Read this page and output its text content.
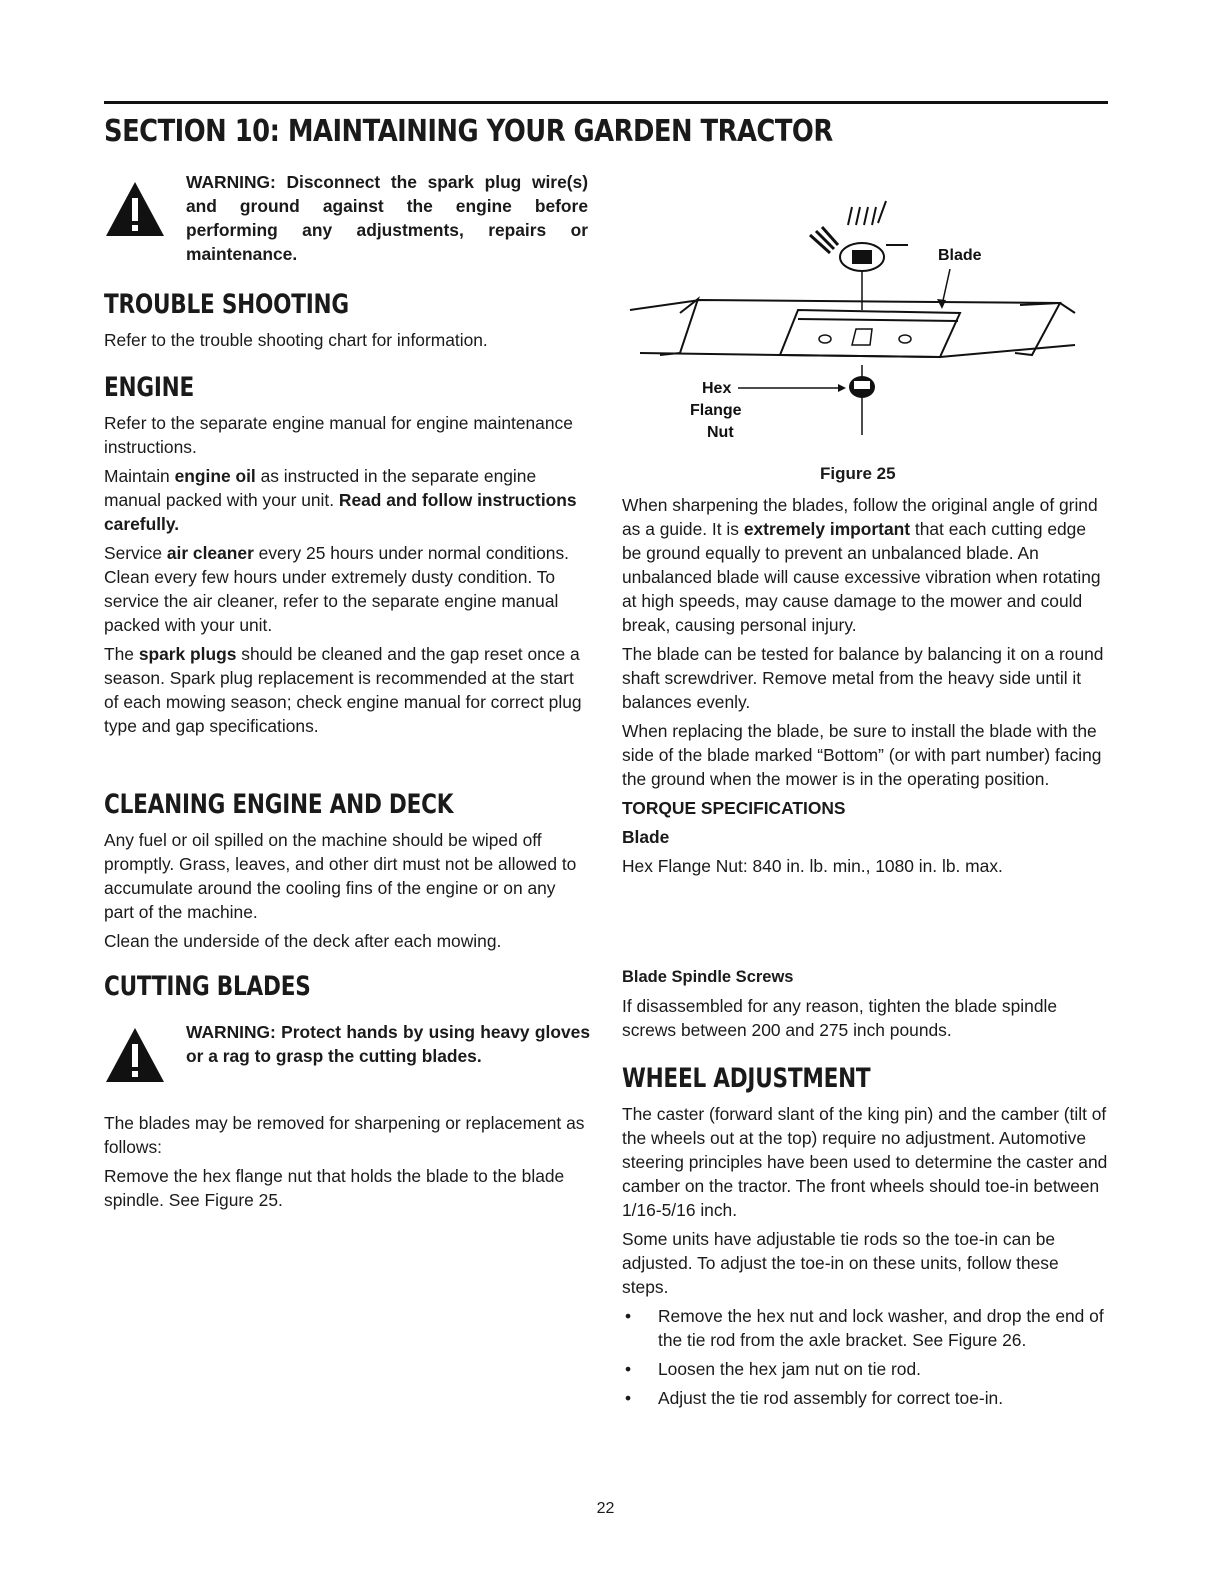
SECTION 10: MAINTAINING YOUR GARDEN TRACTOR

WARNING: Disconnect the spark plug wire(s) and ground against the engine before performing any adjustments, repairs or maintenance.

TROUBLE SHOOTING

Refer to the trouble shooting chart for information.

ENGINE

Refer to the separate engine manual for engine maintenance instructions.

Maintain engine oil as instructed in the separate engine manual packed with your unit. Read and follow instructions carefully.

Service air cleaner every 25 hours under normal conditions. Clean every few hours under extremely dusty condition. To service the air cleaner, refer to the separate engine manual packed with your unit.

The spark plugs should be cleaned and the gap reset once a season. Spark plug replacement is recommended at the start of each mowing season; check engine manual for correct plug type and gap specifications.

CLEANING ENGINE AND DECK

Any fuel or oil spilled on the machine should be wiped off promptly. Grass, leaves, and other dirt must not be allowed to accumulate around the cooling fins of the engine or on any part of the machine.

Clean the underside of the deck after each mowing.

CUTTING BLADES

WARNING: Protect hands by using heavy gloves or a rag to grasp the cutting blades.

The blades may be removed for sharpening or replacement as follows:

Remove the hex flange nut that holds the blade to the blade spindle. See Figure 25.

Blade
Hex
Flange
Nut
Figure 25

When sharpening the blades, follow the original angle of grind as a guide. It is extremely important that each cutting edge be ground equally to prevent an unbalanced blade. An unbalanced blade will cause excessive vibration when rotating at high speeds, may cause damage to the mower and could break, causing personal injury.

The blade can be tested for balance by balancing it on a round shaft screwdriver. Remove metal from the heavy side until it balances evenly.

When replacing the blade, be sure to install the blade with the side of the blade marked “Bottom” (or with part number) facing the ground when the mower is in the operating position.

TORQUE SPECIFICATIONS

Blade

Hex Flange Nut: 840 in. lb. min., 1080 in. lb. max.

Blade Spindle Screws

If disassembled for any reason, tighten the blade spindle screws between 200 and 275 inch pounds.

WHEEL ADJUSTMENT

The caster (forward slant of the king pin) and the camber (tilt of the wheels out at the top) require no adjustment. Automotive steering principles have been used to determine the caster and camber on the tractor. The front wheels should toe-in between 1/16-5/16 inch.

Some units have adjustable tie rods so the toe-in can be adjusted. To adjust the toe-in on these units, follow these steps.

• Remove the hex nut and lock washer, and drop the end of the tie rod from the axle bracket. See Figure 26.
• Loosen the hex jam nut on tie rod.
• Adjust the tie rod assembly for correct toe-in.
22
